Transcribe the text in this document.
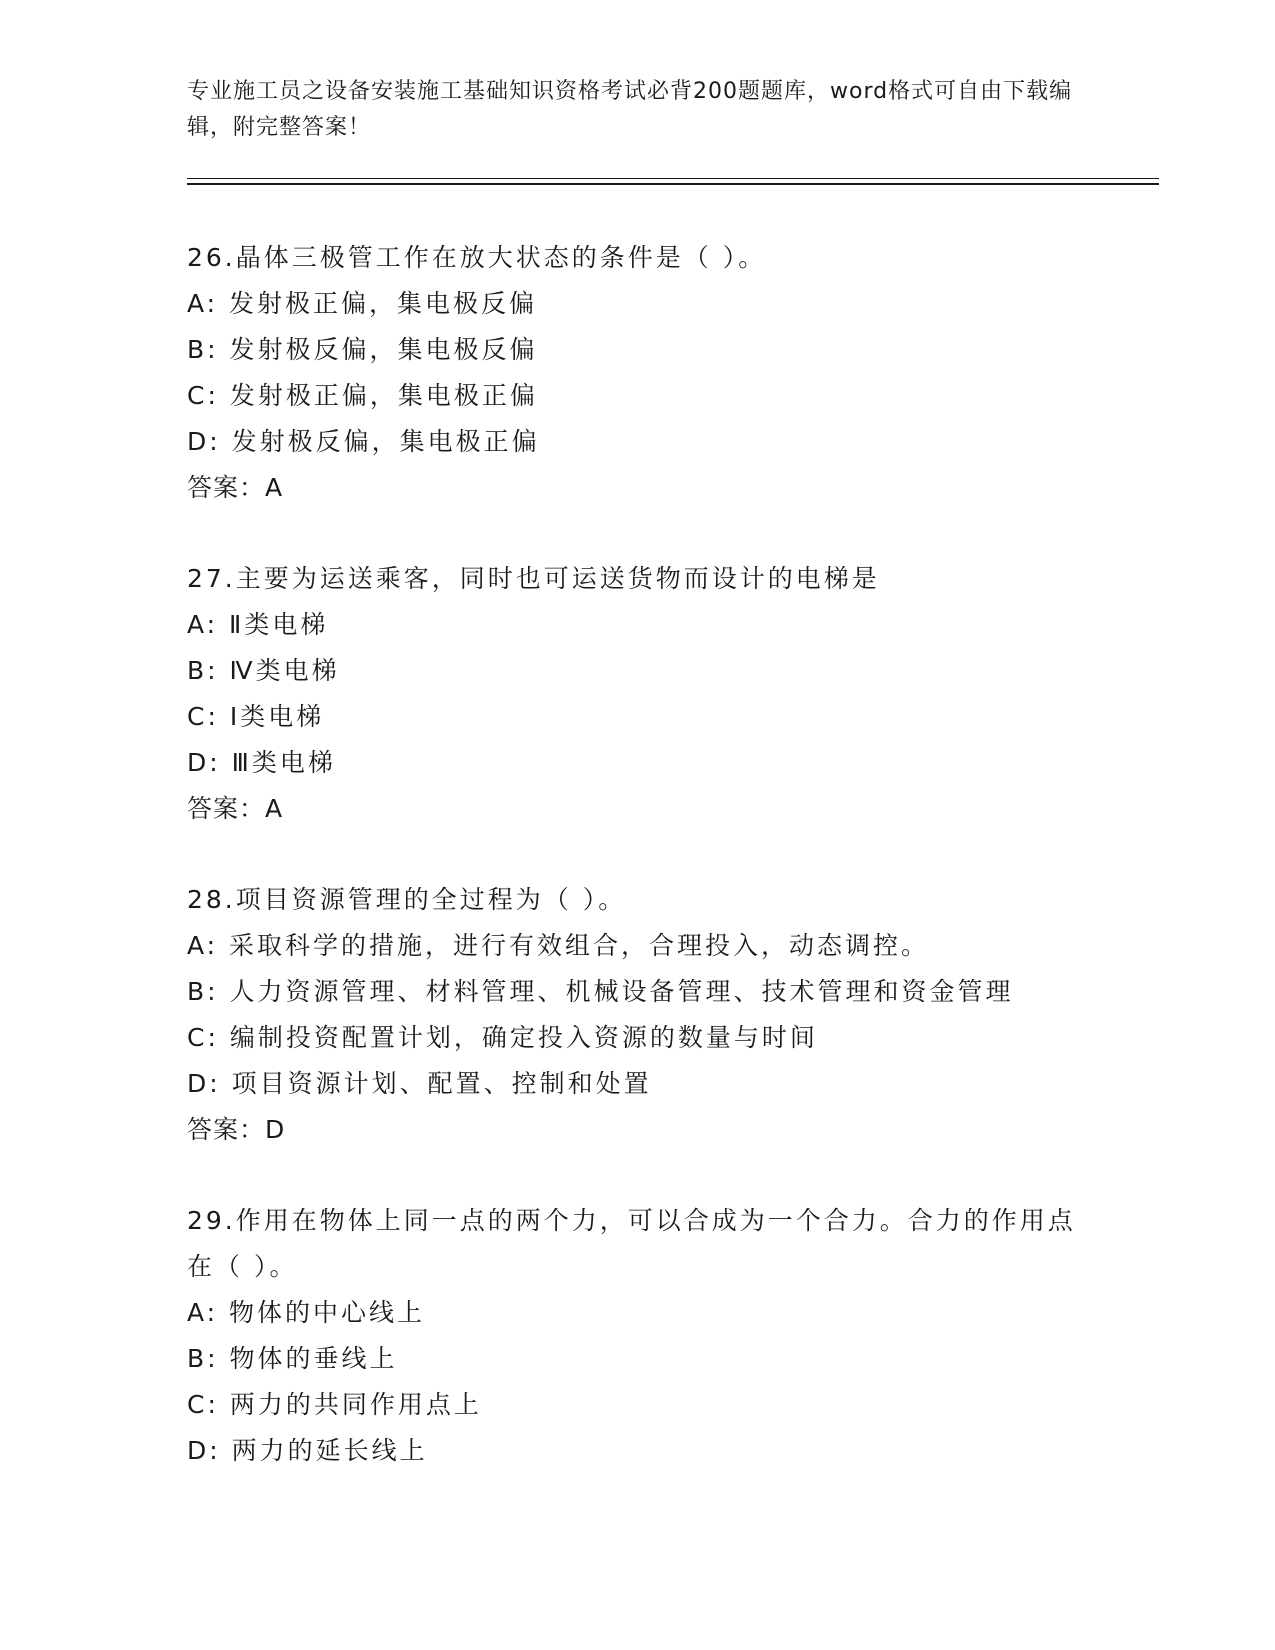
专业施工员之设备安装施工基础知识资格考试必背200题题库，word格式可自由下载编辑，附完整答案！
26.晶体三极管工作在放大状态的条件是（ ）。
A: 发射极正偏，集电极反偏
B: 发射极反偏，集电极反偏
C: 发射极正偏，集电极正偏
D: 发射极反偏，集电极正偏
答案：A
27.主要为运送乘客，同时也可运送货物而设计的电梯是
A: Ⅱ类电梯
B: Ⅳ类电梯
C: Ⅰ类电梯
D: Ⅲ类电梯
答案：A
28.项目资源管理的全过程为（ ）。
A: 采取科学的措施，进行有效组合，合理投入，动态调控。
B: 人力资源管理、材料管理、机械设备管理、技术管理和资金管理
C: 编制投资配置计划，确定投入资源的数量与时间
D: 项目资源计划、配置、控制和处置
答案：D
29.作用在物体上同一点的两个力，可以合成为一个合力。合力的作用点在（ ）。
A: 物体的中心线上
B: 物体的垂线上
C: 两力的共同作用点上
D: 两力的延长线上
